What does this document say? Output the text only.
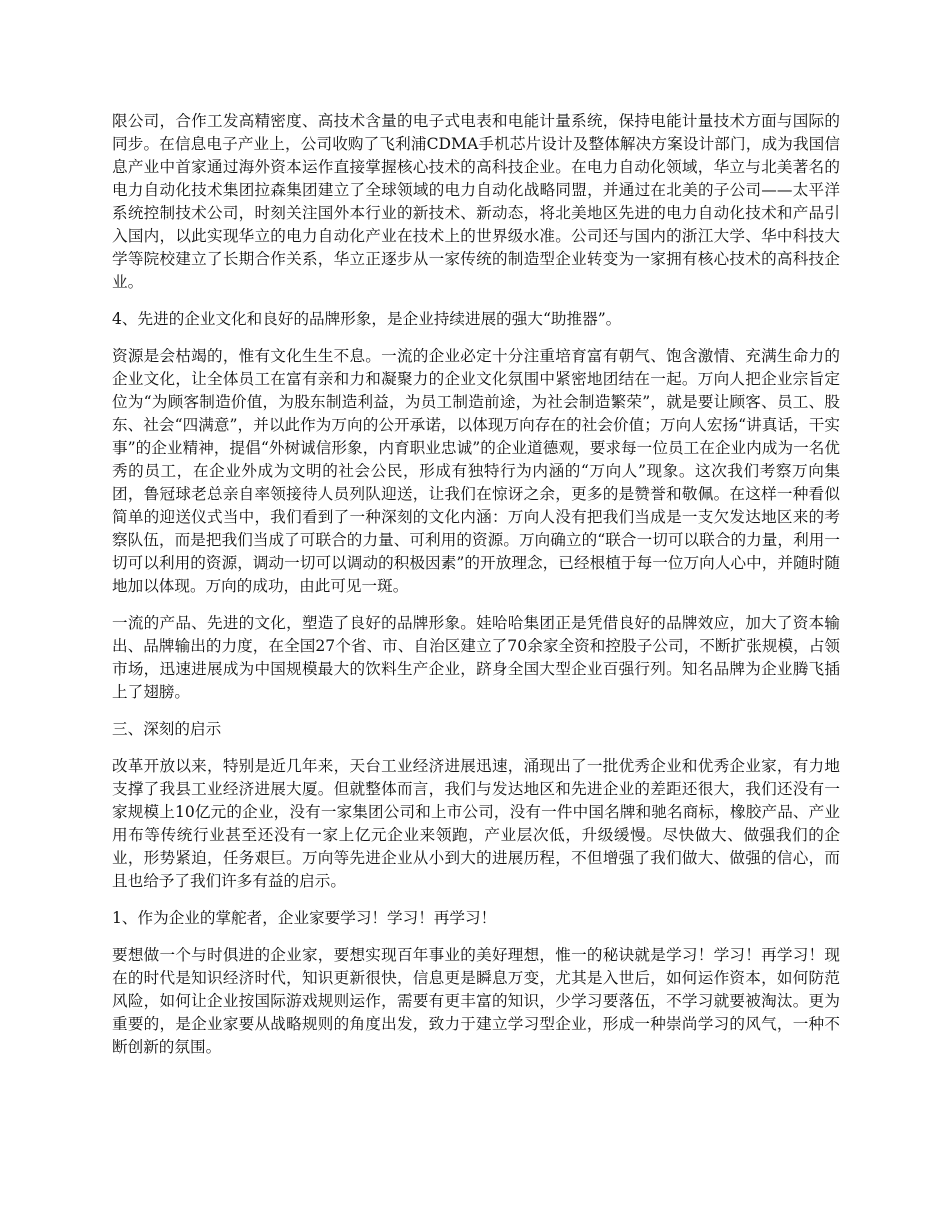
限公司，合作工发高精密度、高技术含量的电子式电表和电能计量系统，保持电能计量技术方面与国际的同步。在信息电子产业上，公司收购了飞利浦CDMA手机芯片设计及整体解决方案设计部门，成为我国信息产业中首家通过海外资本运作直接掌握核心技术的高科技企业。在电力自动化领域，华立与北美著名的电力自动化技术集团拉森集团建立了全球领域的电力自动化战略同盟，并通过在北美的子公司——太平洋系统控制技术公司，时刻关注国外本行业的新技术、新动态，将北美地区先进的电力自动化技术和产品引入国内，以此实现华立的电力自动化产业在技术上的世界级水准。公司还与国内的浙江大学、华中科技大学等院校建立了长期合作关系，华立正逐步从一家传统的制造型企业转变为一家拥有核心技术的高科技企业。

4、先进的企业文化和良好的品牌形象，是企业持续进展的强大“助推器”。

资源是会枯竭的，惟有文化生生不息。一流的企业必定十分注重培育富有朝气、饱含激情、充满生命力的企业文化，让全体员工在富有亲和力和凝聚力的企业文化氛围中紧密地团结在一起。万向人把企业宗旨定位为“为顾客制造价值，为股东制造利益，为员工制造前途，为社会制造繁荣”，就是要让顾客、员工、股东、社会“四满意”，并以此作为万向的公开承诺，以体现万向存在的社会价值；万向人宏扬“讲真话，干实事”的企业精神，提倡“外树诚信形象，内育职业忠诚”的企业道德观，要求每一位员工在企业内成为一名优秀的员工，在企业外成为文明的社会公民，形成有独特行为内涵的“万向人”现象。这次我们考察万向集团，鲁冠球老总亲自率领接待人员列队迎送，让我们在惊讶之余，更多的是赞誉和敬佩。在这样一种看似简单的迎送仪式当中，我们看到了一种深刻的文化内涵：万向人没有把我们当成是一支欠发达地区来的考察队伍，而是把我们当成了可联合的力量、可利用的资源。万向确立的“联合一切可以联合的力量，利用一切可以利用的资源，调动一切可以调动的积极因素”的开放理念，已经根植于每一位万向人心中，并随时随地加以体现。万向的成功，由此可见一斑。

一流的产品、先进的文化，塑造了良好的品牌形象。娃哈哈集团正是凭借良好的品牌效应，加大了资本输出、品牌输出的力度，在全国27个省、市、自治区建立了70余家全资和控股子公司，不断扩张规模，占领市场，迅速进展成为中国规模最大的饮料生产企业，跻身全国大型企业百强行列。知名品牌为企业腾飞插上了翅膀。

三、深刻的启示

改革开放以来，特别是近几年来，天台工业经济进展迅速，涌现出了一批优秀企业和优秀企业家，有力地支撑了我县工业经济进展大厦。但就整体而言，我们与发达地区和先进企业的差距还很大，我们还没有一家规模上10亿元的企业，没有一家集团公司和上市公司，没有一件中国名牌和驰名商标，橡胶产品、产业用布等传统行业甚至还没有一家上亿元企业来领跑，产业层次低，升级缓慢。尽快做大、做强我们的企业，形势紧迫，任务艰巨。万向等先进企业从小到大的进展历程，不但增强了我们做大、做强的信心，而且也给予了我们许多有益的启示。

1、作为企业的掌舵者，企业家要学习！学习！再学习！

要想做一个与时俱进的企业家，要想实现百年事业的美好理想，惟一的秘诀就是学习！学习！再学习！现在的时代是知识经济时代，知识更新很快，信息更是瞬息万变，尤其是入世后，如何运作资本，如何防范风险，如何让企业按国际游戏规则运作，需要有更丰富的知识，少学习要落伍，不学习就要被淘汰。更为重要的，是企业家要从战略规则的角度出发，致力于建立学习型企业，形成一种崇尚学习的风气，一种不断创新的氛围。
